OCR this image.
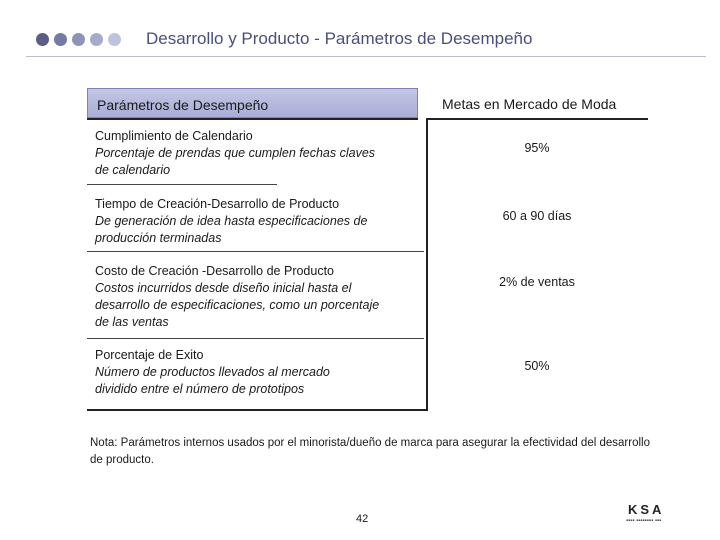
Desarrollo y Producto - Parámetros de Desempeño
Parámetros de Desempeño	Metas en Mercado de Moda
Cumplimiento de Calendario
Porcentaje de prendas que cumplen fechas claves de calendario
95%
Tiempo de Creación-Desarrollo de Producto
De generación de idea hasta especificaciones de producción terminadas
60 a 90 días
Costo de Creación -Desarrollo de Producto
Costos incurridos desde diseño inicial hasta el desarrollo de especificaciones, como un porcentaje de las ventas
2% de ventas
Porcentaje de Exito
Número de productos llevados al mercado dividido entre el número de prototipos
50%
Nota: Parámetros internos usados por el minorista/dueño de marca para asegurar la efectividad del desarrollo de producto.
42
KSA
▪▪▪▪ ▪▪▪▪▪▪▪▪ ▪▪▪
